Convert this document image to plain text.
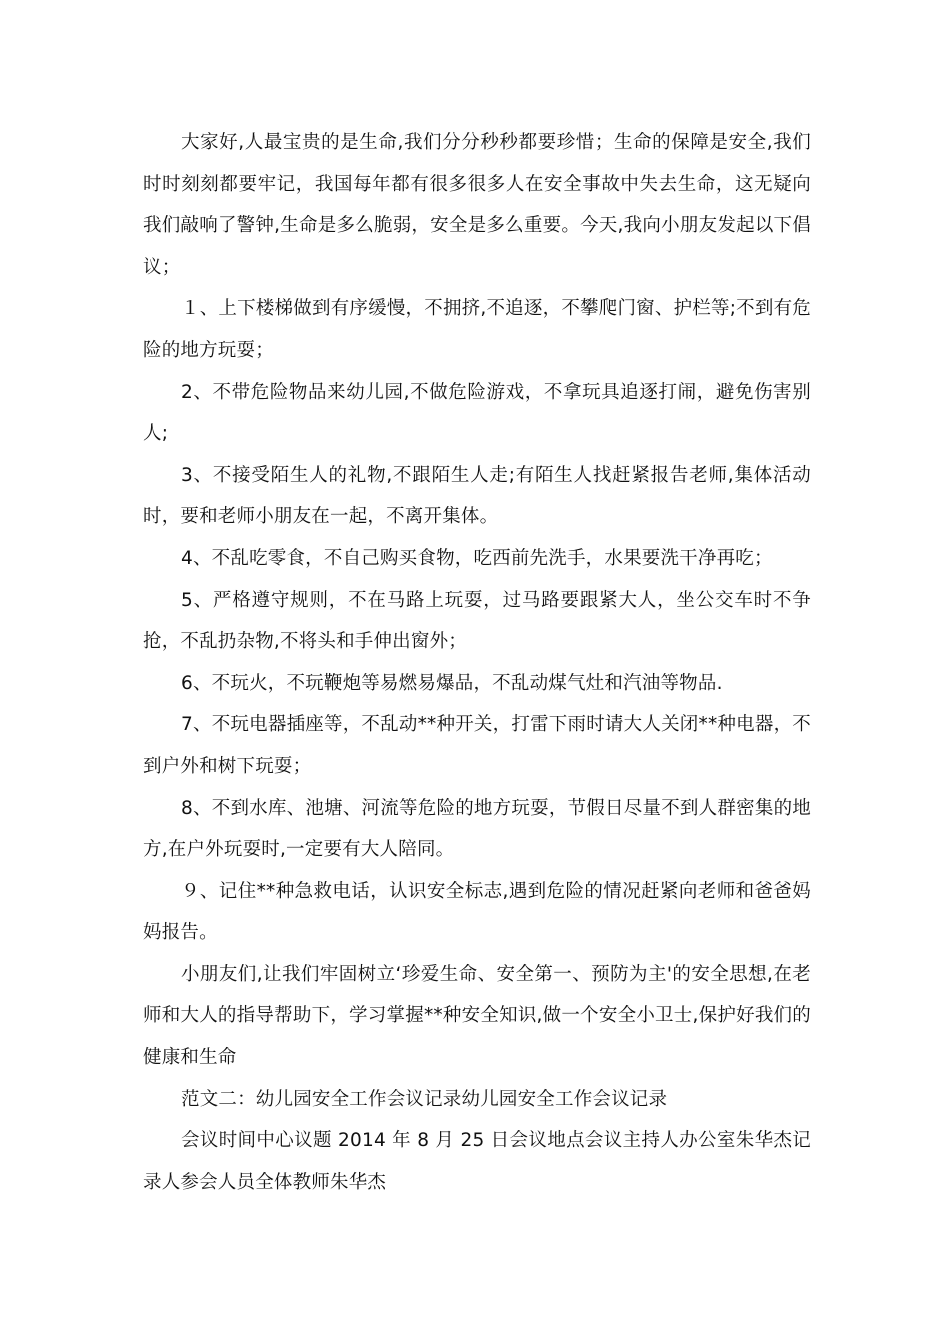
大家好,人最宝贵的是生命,我们分分秒秒都要珍惜；生命的保障是安全,我们时时刻刻都要牢记，我国每年都有很多很多人在安全事故中失去生命，这无疑向我们敲响了警钟,生命是多么脆弱，安全是多么重要。今天,我向小朋友发起以下倡议；

１、上下楼梯做到有序缓慢，不拥挤,不追逐，不攀爬门窗、护栏等;不到有危险的地方玩耍；

2、不带危险物品来幼儿园,不做危险游戏，不拿玩具追逐打闹，避免伤害别人;

3、不接受陌生人的礼物,不跟陌生人走;有陌生人找赶紧报告老师,集体活动时，要和老师小朋友在一起，不离开集体。

4、不乱吃零食，不自己购买食物，吃西前先洗手，水果要洗干净再吃；

5、严格遵守规则，不在马路上玩耍，过马路要跟紧大人，坐公交车时不争抢，不乱扔杂物,不将头和手伸出窗外；

6、不玩火，不玩鞭炮等易燃易爆品，不乱动煤气灶和汽油等物品.

7、不玩电器插座等，不乱动**种开关，打雷下雨时请大人关闭**种电器，不到户外和树下玩耍；

8、不到水库、池塘、河流等危险的地方玩耍，节假日尽量不到人群密集的地方,在户外玩耍时,一定要有大人陪同。

９、记住**种急救电话，认识安全标志,遇到危险的情况赶紧向老师和爸爸妈妈报告。

小朋友们,让我们牢固树立‘珍爱生命、安全第一、预防为主'的安全思想,在老师和大人的指导帮助下，学习掌握**种安全知识,做一个安全小卫士,保护好我们的健康和生命

范文二：幼儿园安全工作会议记录幼儿园安全工作会议记录

会议时间中心议题 2014 年 8 月 25 日会议地点会议主持人办公室朱华杰记录人参会人员全体教师朱华杰
